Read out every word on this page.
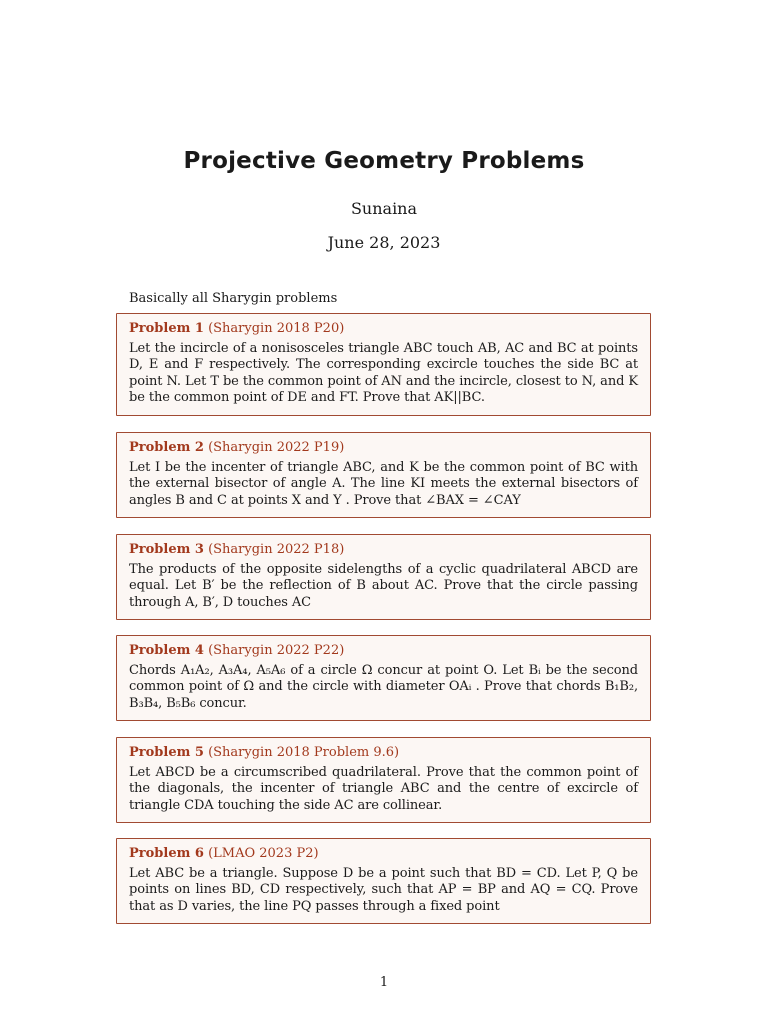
Projective Geometry Problems
Sunaina
June 28, 2023
Basically all Sharygin problems
Problem 1 (Sharygin 2018 P20)
Let the incircle of a nonisosceles triangle ABC touch AB, AC and BC at points D, E and F respectively. The corresponding excircle touches the side BC at point N. Let T be the common point of AN and the incircle, closest to N, and K be the common point of DE and FT. Prove that AK||BC.
Problem 2 (Sharygin 2022 P19)
Let I be the incenter of triangle ABC, and K be the common point of BC with the external bisector of angle A. The line KI meets the external bisectors of angles B and C at points X and Y . Prove that ∠BAX = ∠CAY
Problem 3 (Sharygin 2022 P18)
The products of the opposite sidelengths of a cyclic quadrilateral ABCD are equal. Let B′ be the reflection of B about AC. Prove that the circle passing through A, B′, D touches AC
Problem 4 (Sharygin 2022 P22)
Chords A₁A₂, A₃A₄, A₅A₆ of a circle Ω concur at point O. Let Bᵢ be the second common point of Ω and the circle with diameter OAᵢ . Prove that chords B₁B₂, B₃B₄, B₅B₆ concur.
Problem 5 (Sharygin 2018 Problem 9.6)
Let ABCD be a circumscribed quadrilateral. Prove that the common point of the diagonals, the incenter of triangle ABC and the centre of excircle of triangle CDA touching the side AC are collinear.
Problem 6 (LMAO 2023 P2)
Let ABC be a triangle. Suppose D be a point such that BD = CD. Let P, Q be points on lines BD, CD respectively, such that AP = BP and AQ = CQ. Prove that as D varies, the line PQ passes through a fixed point
1
